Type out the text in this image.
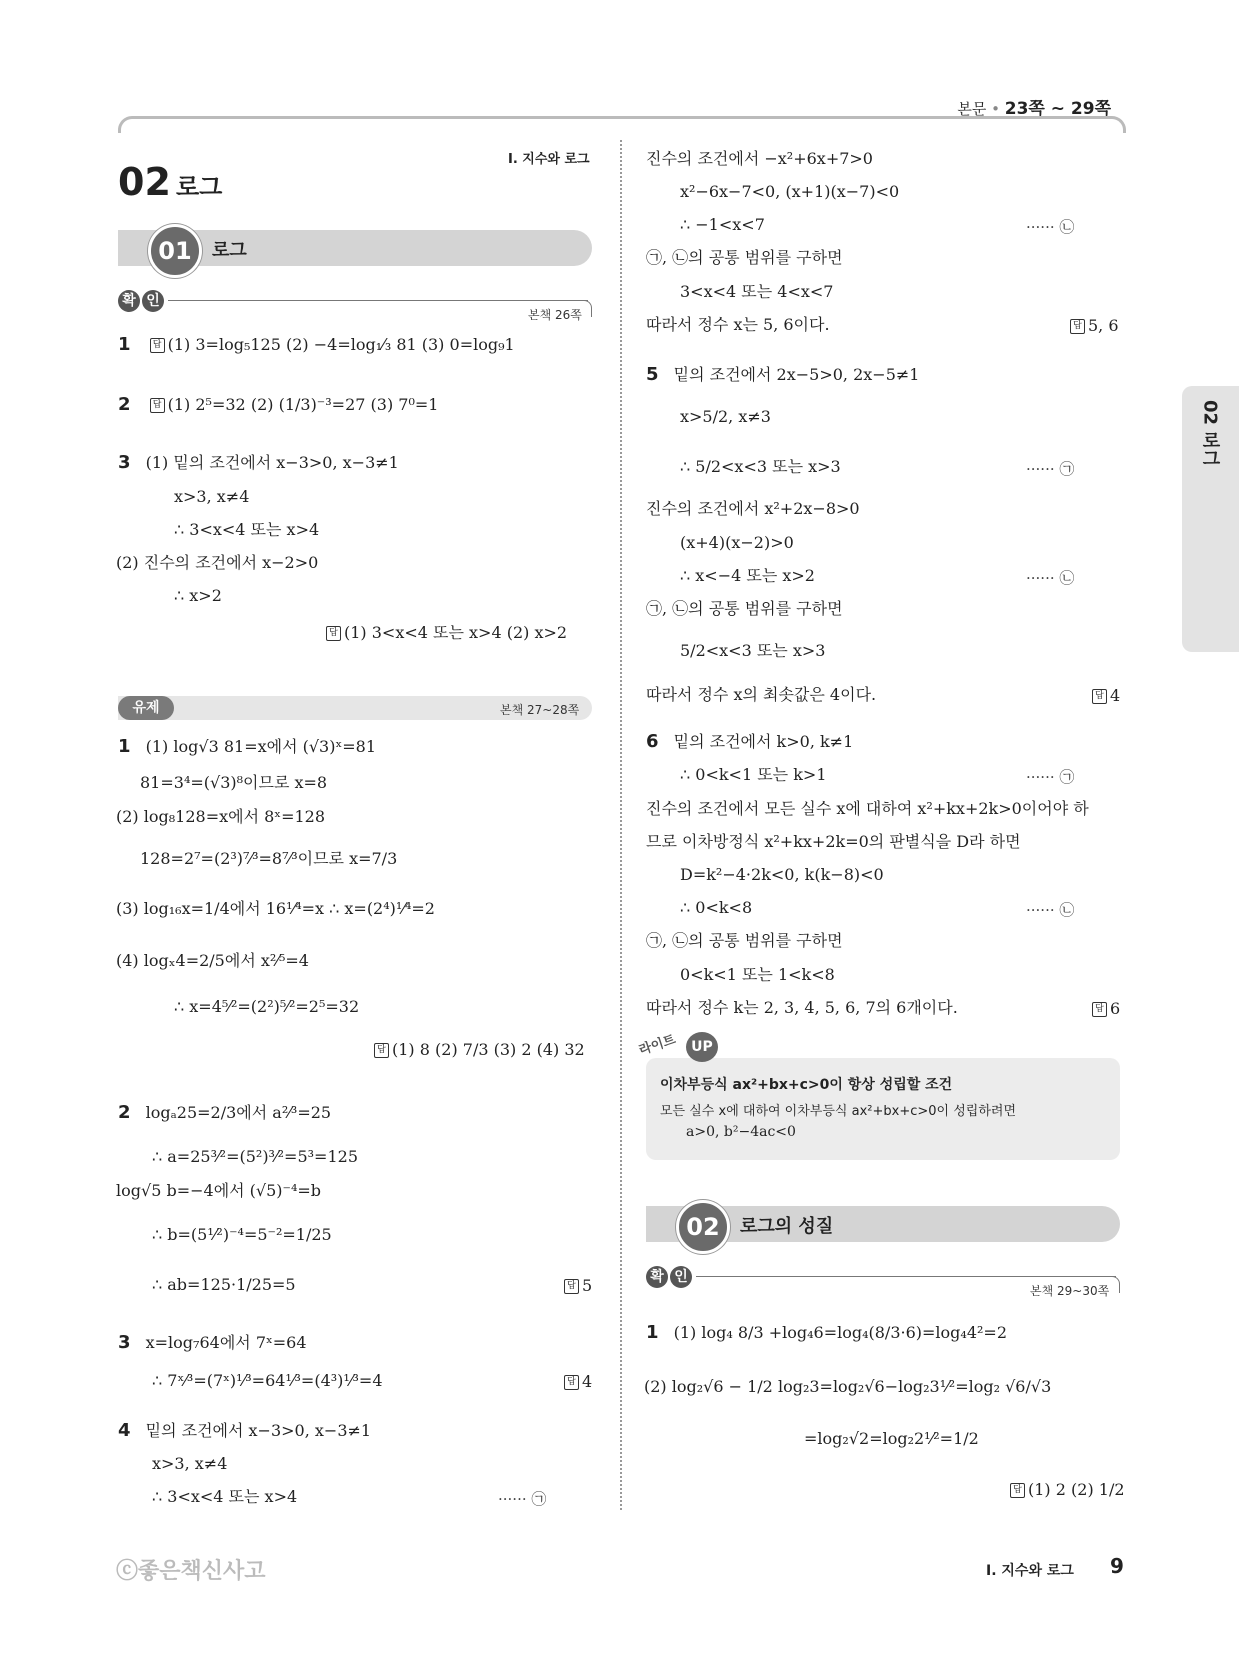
본문 • 23쪽 ~ 29쪽
02 로그
02 로그
I. 지수와 로그
01	로그
확 인
본책 26쪽
1 답 (1) 3=log₅125 (2) −4=log₁⁄₃ 81 (3) 0=log₉1
2 답 (1) 2⁵=32 (2) (1/3)⁻³=27 (3) 7⁰=1
3 (1) 밑의 조건에서 x−3>0, x−3≠1
x>3, x≠4
∴ 3<x<4 또는 x>4
(2) 진수의 조건에서 x−2>0
∴ x>2
답 (1) 3<x<4 또는 x>4 (2) x>2
유제	본책 27~28쪽
1 (1) log√3 81=x에서 (√3)ˣ=81
81=3⁴=(√3)⁸이므로 x=8
(2) log₈128=x에서 8ˣ=128
128=2⁷=(2³)⁷⁄³=8⁷⁄³이므로 x=7/3
(3) log₁₆x=1/4에서 16¹⁄⁴=x ∴ x=(2⁴)¹⁄⁴=2
(4) logₓ4=2/5에서 x²⁄⁵=4
∴ x=4⁵⁄²=(2²)⁵⁄²=2⁵=32
답 (1) 8 (2) 7/3 (3) 2 (4) 32
2 logₐ25=2/3에서 a²⁄³=25
∴ a=25³⁄²=(5²)³⁄²=5³=125
log√5 b=−4에서 (√5)⁻⁴=b
∴ b=(5¹⁄²)⁻⁴=5⁻²=1/25
∴ ab=125·1/25=5	답 5
3 x=log₇64에서 7ˣ=64
∴ 7ˣ⁄³=(7ˣ)¹⁄³=64¹⁄³=(4³)¹⁄³=4	답 4
4 밑의 조건에서 x−3>0, x−3≠1
x>3, x≠4
∴ 3<x<4 또는 x>4	······ ㉠
진수의 조건에서 −x²+6x+7>0
x²−6x−7<0, (x+1)(x−7)<0
∴ −1<x<7	······ ㉡
㉠, ㉡의 공통 범위를 구하면
3<x<4 또는 4<x<7
따라서 정수 x는 5, 6이다.	답 5, 6
5 밑의 조건에서 2x−5>0, 2x−5≠1
x>5/2, x≠3
∴ 5/2<x<3 또는 x>3	······ ㉠
진수의 조건에서 x²+2x−8>0
(x+4)(x−2)>0
∴ x<−4 또는 x>2	······ ㉡
㉠, ㉡의 공통 범위를 구하면
5/2<x<3 또는 x>3
따라서 정수 x의 최솟값은 4이다.	답 4
6 밑의 조건에서 k>0, k≠1
∴ 0<k<1 또는 k>1	······ ㉠
진수의 조건에서 모든 실수 x에 대하여 x²+kx+2k>0이어야 하
므로 이차방정식 x²+kx+2k=0의 판별식을 D라 하면
D=k²−4·2k<0, k(k−8)<0
∴ 0<k<8	······ ㉡
㉠, ㉡의 공통 범위를 구하면
0<k<1 또는 1<k<8
따라서 정수 k는 2, 3, 4, 5, 6, 7의 6개이다.	답 6
라이트 UP
이차부등식 ax²+bx+c>0이 항상 성립할 조건
모든 실수 x에 대하여 이차부등식 ax²+bx+c>0이 성립하려면
a>0, b²−4ac<0
02	로그의 성질
확 인
본책 29~30쪽
1 (1) log₄ 8/3 +log₄6=log₄(8/3·6)=log₄4²=2
(2) log₂√6 − 1/2 log₂3=log₂√6−log₂3¹⁄²=log₂ √6/√3
=log₂√2=log₂2¹⁄²=1/2
답 (1) 2 (2) 1/2
ⓒ좋은책신사고	I. 지수와 로그 9
